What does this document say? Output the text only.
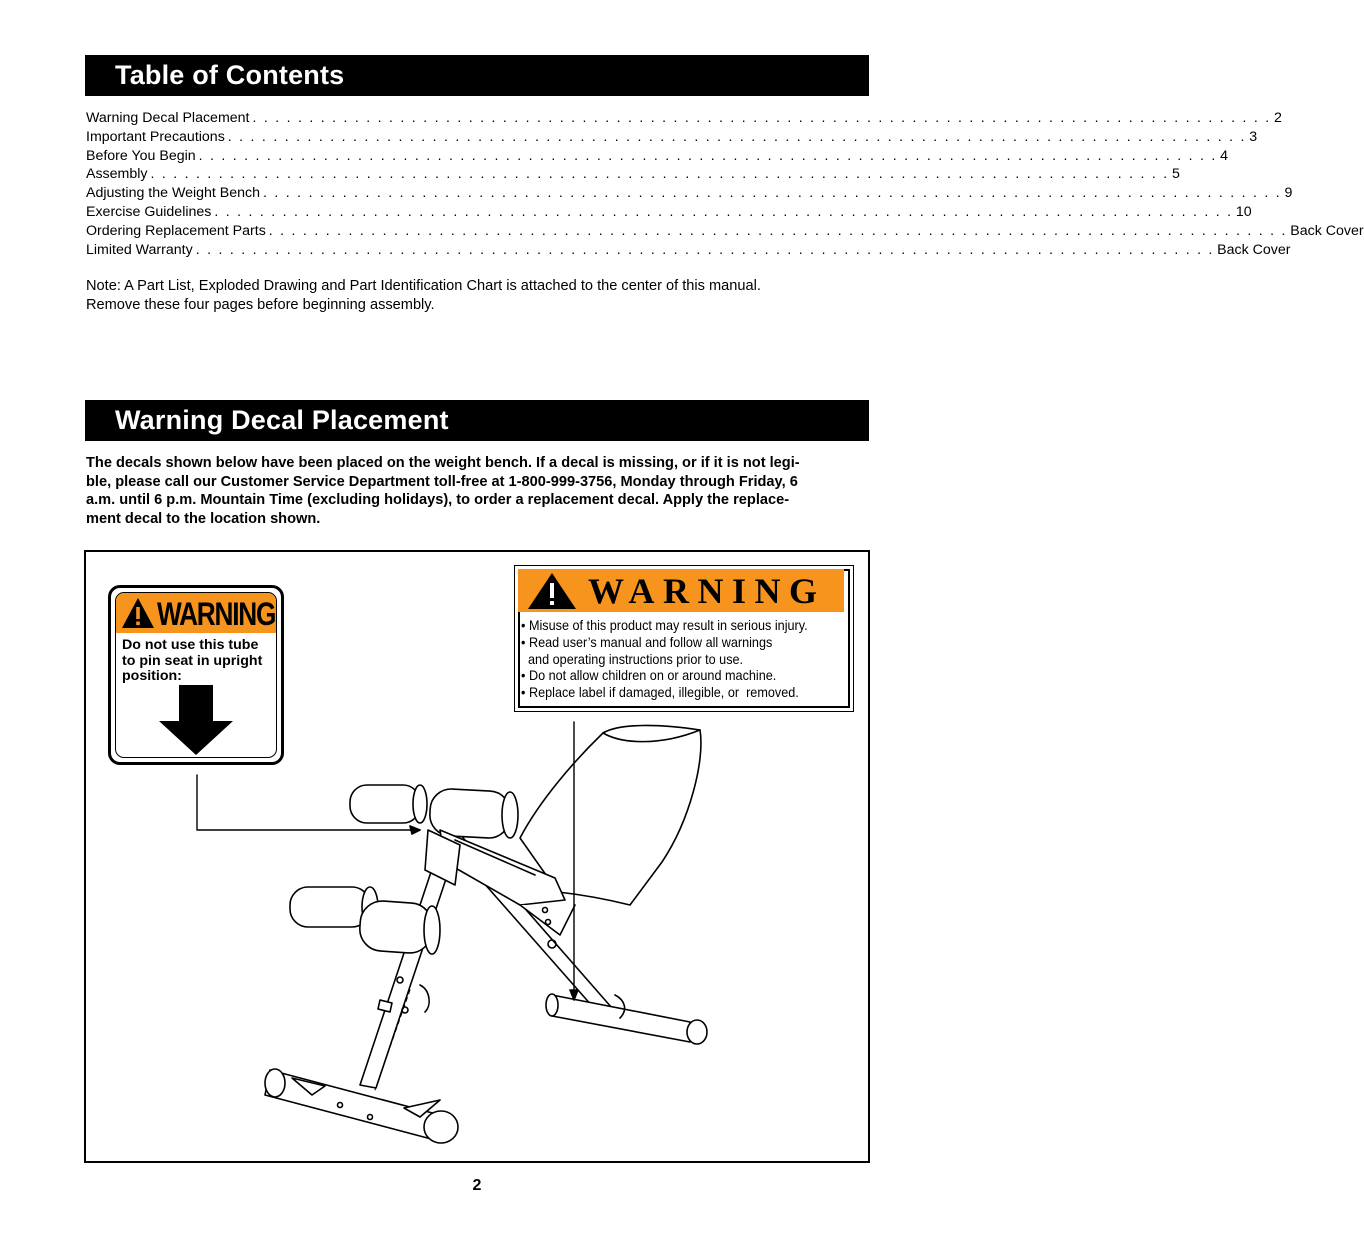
Table of Contents
Warning Decal Placement . . . . . . . . . . . . . . . . . . . . . . . . . . . . . . . . . . . . . . . . . . . . . . . . . . . . . . . . . . . . . . . . . . . . . . . . . . . . . . . . . . . . . . . . . . 2
Important Precautions . . . . . . . . . . . . . . . . . . . . . . . . . . . . . . . . . . . . . . . . . . . . . . . . . . . . . . . . . . . . . . . . . . . . . . . . . . . . . . . . . . . . . . . . . . 3
Before You Begin . . . . . . . . . . . . . . . . . . . . . . . . . . . . . . . . . . . . . . . . . . . . . . . . . . . . . . . . . . . . . . . . . . . . . . . . . . . . . . . . . . . . . . . . . . 4
Assembly . . . . . . . . . . . . . . . . . . . . . . . . . . . . . . . . . . . . . . . . . . . . . . . . . . . . . . . . . . . . . . . . . . . . . . . . . . . . . . . . . . . . . . . . . . 5
Adjusting the Weight Bench . . . . . . . . . . . . . . . . . . . . . . . . . . . . . . . . . . . . . . . . . . . . . . . . . . . . . . . . . . . . . . . . . . . . . . . . . . . . . . . . . . . . . . . . . . 9
Exercise Guidelines . . . . . . . . . . . . . . . . . . . . . . . . . . . . . . . . . . . . . . . . . . . . . . . . . . . . . . . . . . . . . . . . . . . . . . . . . . . . . . . . . . . . . . . . . . 10
Ordering Replacement Parts . . . . . . . . . . . . . . . . . . . . . . . . . . . . . . . . . . . . . . . . . . . . . . . . . . . . . . . . . . . . . . . . . . . . . . . . . . . . . . . . . . . . . . . . . . Back Cover
Limited Warranty . . . . . . . . . . . . . . . . . . . . . . . . . . . . . . . . . . . . . . . . . . . . . . . . . . . . . . . . . . . . . . . . . . . . . . . . . . . . . . . . . . . . . . . . . . Back Cover
Note: A Part List, Exploded Drawing and Part Identification Chart is attached to the center of this manual.
Remove these four pages before beginning assembly.
Warning Decal Placement
The decals shown below have been placed on the weight bench. If a decal is missing, or if it is not legi-
ble, please call our Customer Service Department toll-free at 1-800-999-3756, Monday through Friday, 6
a.m. until 6 p.m. Mountain Time (excluding holidays), to order a replacement decal. Apply the replace-
ment decal to the location shown.
WARNING
Do not use this tube
to pin seat in upright
position:
WARNING
• Misuse of this product may result in serious injury.
• Read user’s manual and follow all warnings
and operating instructions prior to use.
• Do not allow children on or around machine.
• Replace label if damaged, illegible, or  removed.
2
